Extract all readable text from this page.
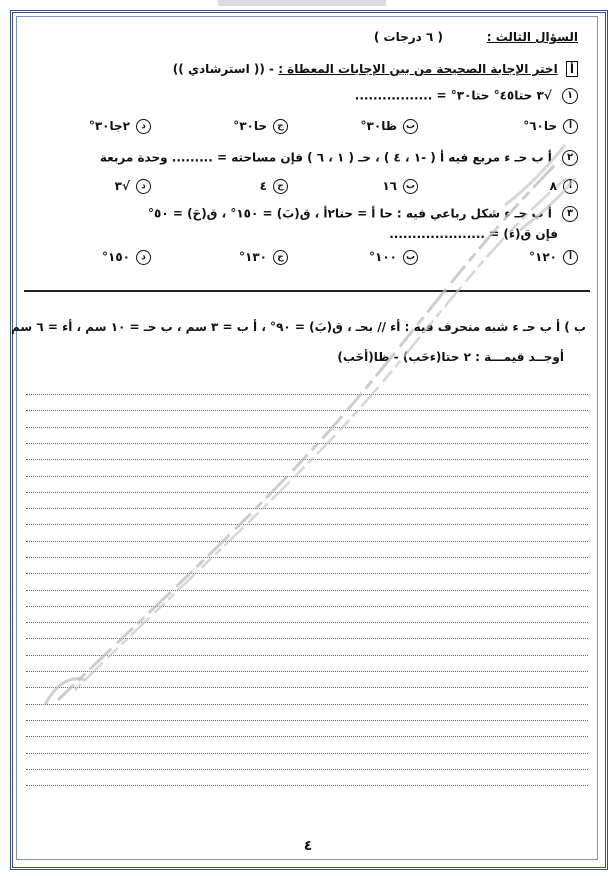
السؤال الثالث :
( ٦ درجات )
أ اختر الإجابة الصحيحة من بين الإجابات المعطاة : - (( استرشادي ))
١ √٣ حتا٤٥° حتا٣٠° = .................
أحا٦٠°
بظا٣٠°
جحا٣٠°
د٢جا٣٠°
٢ أ ب حـ ء مربع فيه أ ( -١ ، ٤ ) ، حـ ( ١ ، ٦ ) فإن مساحته = ......... وحدة مربعة
أ٨
ب١٦
ج٤
د√٣
٣ أ ب حـ ء شكل رباعي فيه : حا أ = حتا٢أ ، ق(بَ) = ١٥٠° ، ق(حَ) = ٥٠°
فإن ق(ءَ) = .....................
أ١٢٠°
ب١٠٠°
ج١٣٠°
د١٥٠°
ب ) أ ب حـ ء شبه منحرف فيه : أء // بحـ ، ق(بَ) = ٩٠° ، أ ب = ٣ سم ، ب حـ = ١٠ سم ، أء = ٦ سم
أوجــد قيمـــة : ٢ حتا(ءحَب) - ظا(أحَب)
٤
